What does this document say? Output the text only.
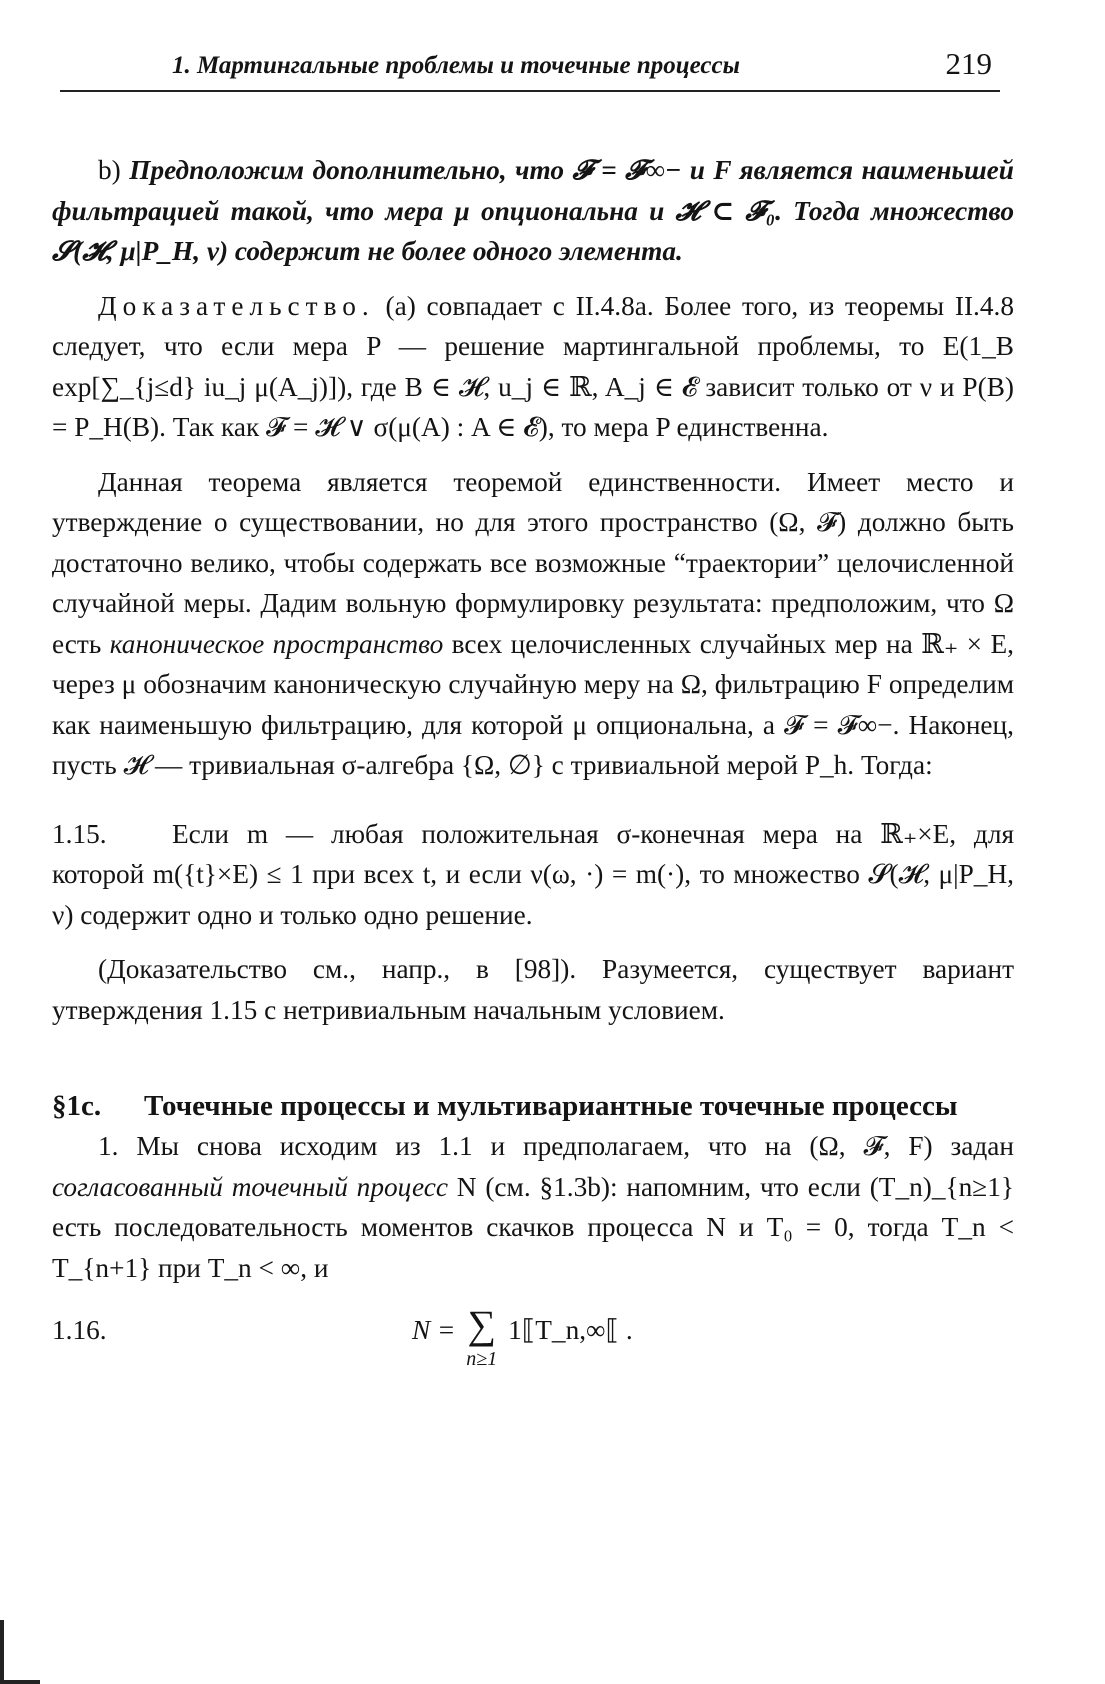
1. Мартингальные проблемы и точечные процессы	219

b) Предположим дополнительно, что 𝓕 = 𝓕∞− и F является наименьшей фильтрацией такой, что мера μ опциональна и 𝓗 ⊂ 𝓕₀. Тогда множество 𝓢(𝓗, μ|P_H, ν) содержит не более одного элемента.

Доказательство. (a) совпадает с II.4.8a. Более того, из теоремы II.4.8 следует, что если мера P — решение мартингальной проблемы, то E(1_B exp[∑_{j≤d} iu_j μ(A_j)]), где B ∈ 𝓗, u_j ∈ ℝ, A_j ∈ 𝓔 зависит только от ν и P(B) = P_H(B). Так как 𝓕 = 𝓗 ∨ σ(μ(A) : A ∈ 𝓔), то мера P единственна.

Данная теорема является теоремой единственности. Имеет место и утверждение о существовании, но для этого пространство (Ω, 𝓕) должно быть достаточно велико, чтобы содержать все возможные “траектории” целочисленной случайной меры. Дадим вольную формулировку результата: предположим, что Ω есть каноническое пространство всех целочисленных случайных мер на ℝ₊ × E, через μ обозначим каноническую случайную меру на Ω, фильтрацию F определим как наименьшую фильтрацию, для которой μ опциональна, а 𝓕 = 𝓕∞−. Наконец, пусть 𝓗 — тривиальная σ-алгебра {Ω, ∅} с тривиальной мерой P_h. Тогда:

1.15. Если m — любая положительная σ-конечная мера на ℝ₊×E, для которой m({t}×E) ≤ 1 при всех t, и если ν(ω, ·) = m(·), то множество 𝓢(𝓗, μ|P_H, ν) содержит одно и только одно решение.

(Доказательство см., напр., в [98]). Разумеется, существует вариант утверждения 1.15 с нетривиальным начальным условием.

§1c.	Точечные процессы и мультивариантные точечные процессы

1. Мы снова исходим из 1.1 и предполагаем, что на (Ω, 𝓕, F) задан согласованный точечный процесс N (см. §1.3b): напомним, что если (T_n)_{n≥1} есть последовательность моментов скачков процесса N и T₀ = 0, тогда T_n < T_{n+1} при T_n < ∞, и

1.16.	N = ∑
n≥1
1⟦T_n,∞⟦ .
